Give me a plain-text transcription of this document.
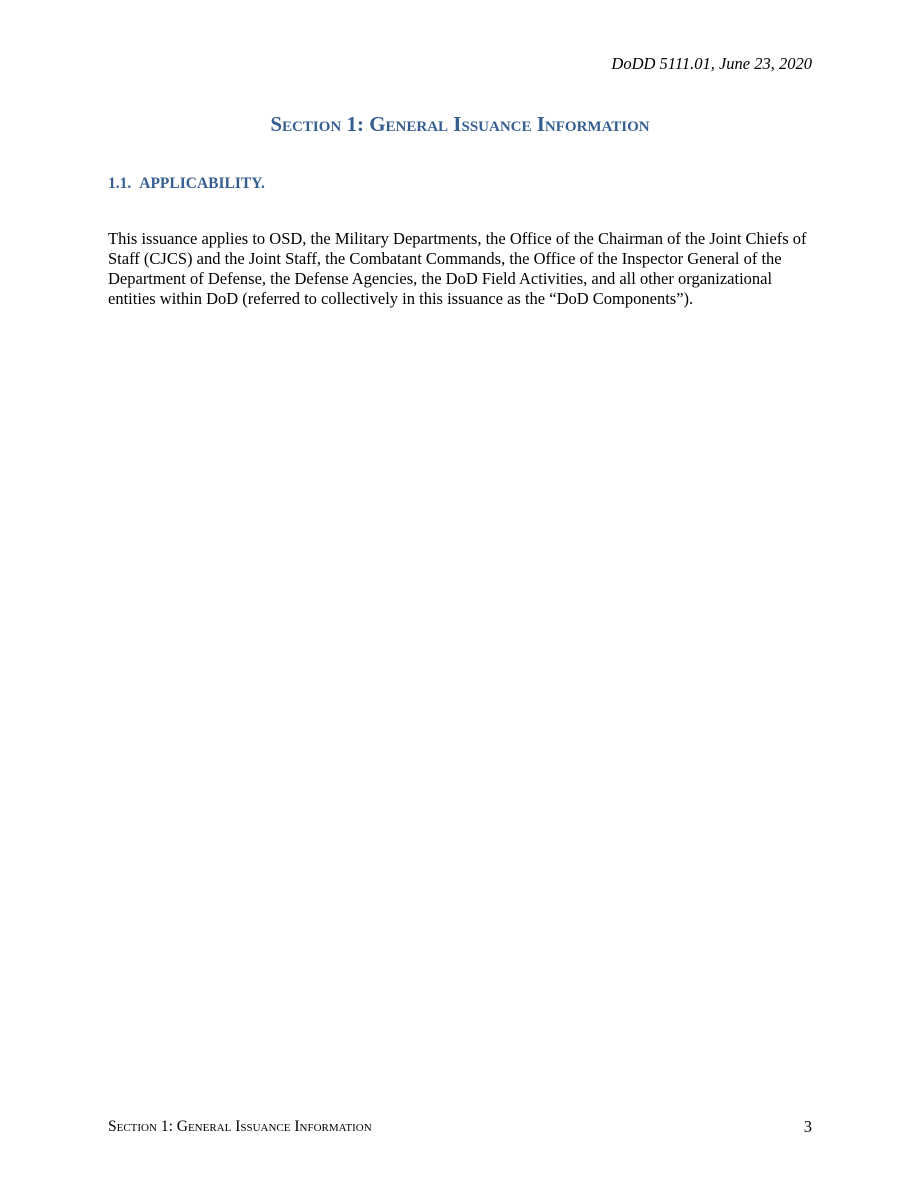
DoDD 5111.01, June 23, 2020
Section 1: General Issuance Information
1.1. APPLICABILITY.

This issuance applies to OSD, the Military Departments, the Office of the Chairman of the Joint Chiefs of Staff (CJCS) and the Joint Staff, the Combatant Commands, the Office of the Inspector General of the Department of Defense, the Defense Agencies, the DoD Field Activities, and all other organizational entities within DoD (referred to collectively in this issuance as the “DoD Components”).

Section 1: General Issuance Information	3
